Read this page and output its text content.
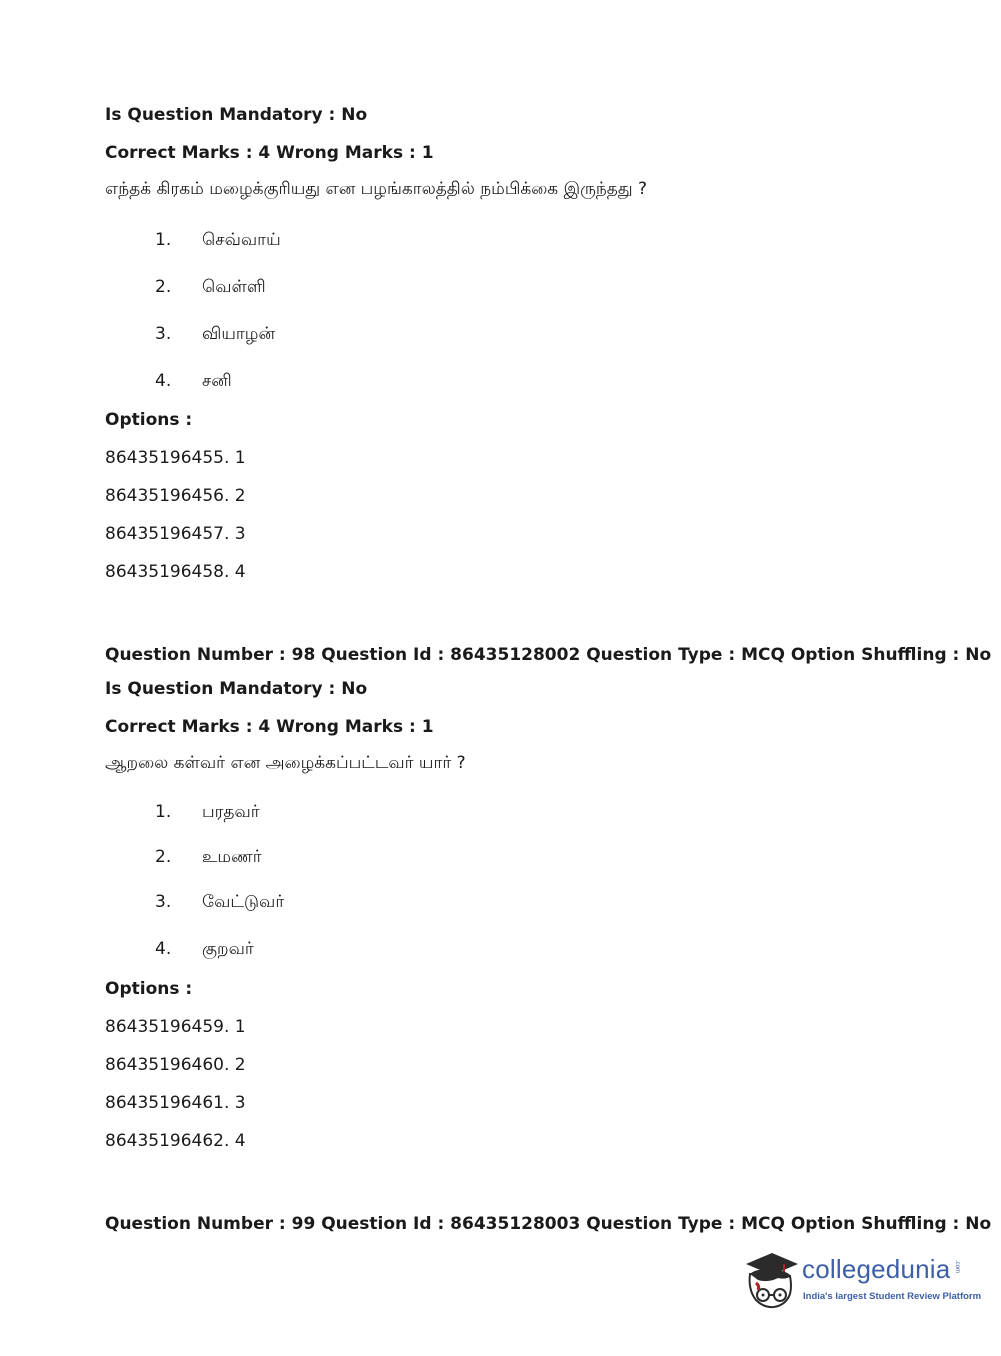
Is Question Mandatory : No
Correct Marks : 4 Wrong Marks : 1
எந்தக் கிரகம் மழைக்குரியது என பழங்காலத்தில் நம்பிக்கை இருந்தது ?
1. செவ்வாய்
2. வெள்ளி
3. வியாழன்
4. சனி
Options :
86435196455. 1
86435196456. 2
86435196457. 3
86435196458. 4
Question Number : 98 Question Id : 86435128002 Question Type : MCQ Option Shuffling : No
Is Question Mandatory : No
Correct Marks : 4 Wrong Marks : 1
ஆறலை கள்வர் என அழைக்கப்பட்டவர் யார் ?
1. பரதவர்
2. உமணர்
3. வேட்டுவர்
4. குறவர்
Options :
86435196459. 1
86435196460. 2
86435196461. 3
86435196462. 4
Question Number : 99 Question Id : 86435128003 Question Type : MCQ Option Shuffling : No
collegedunia .com
India's largest Student Review Platform
